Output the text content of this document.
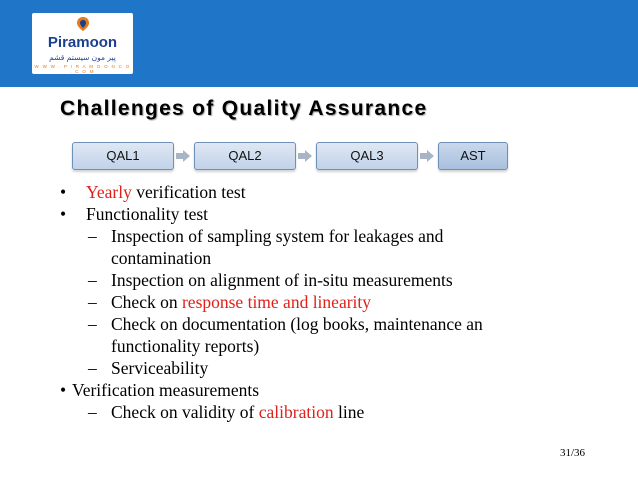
Piramoon
پیر مون سیستم قشم
W W W . P I R A M O O N C O . C O M
Challenges of Quality Assurance
QAL1	QAL2	QAL3	AST
• Yearly verification test
• Functionality test
– Inspection of sampling system for leakages and
contamination
– Inspection on alignment of in-situ measurements
– Check on response time and linearity
– Check on documentation (log books, maintenance an
functionality reports)
– Serviceability
• Verification measurements
– Check on validity of calibration line
31/36
